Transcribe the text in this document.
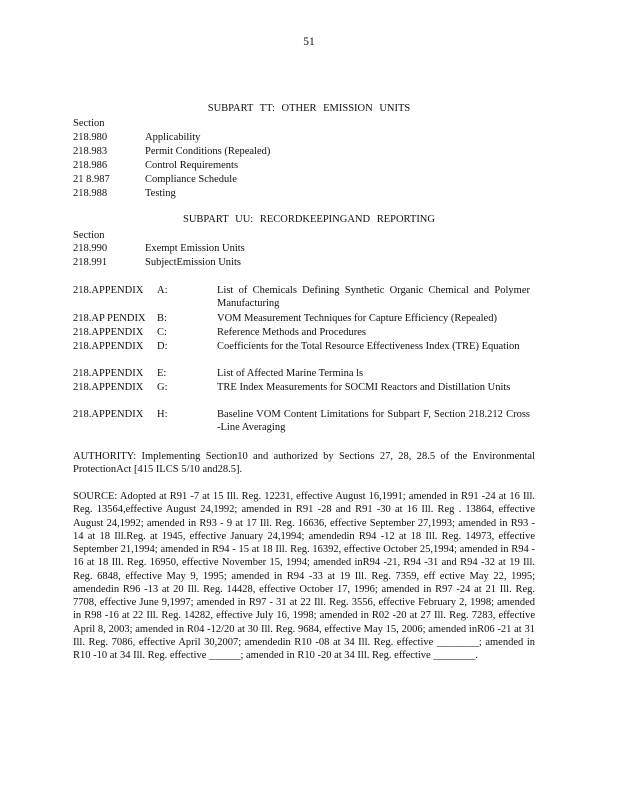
51
SUBPART TT: OTHER EMISSION UNITS
Section
218.980	Applicability
218.983	Permit Conditions (Repealed)
218.986	Control Requirements
21 8.987	Compliance Schedule
218.988	Testing
SUBPART UU: RECORDKEEPINGAND REPORTING
Section
218.990	Exempt Emission Units
218.991	SubjectEmission Units
218.APPENDIX A:	List of Chemicals Defining Synthetic Organic Chemical and Polymer Manufacturing
218.AP PENDIX B:	VOM Measurement Techniques for Capture Efficiency (Repealed)
218.APPENDIX C:	Reference Methods and Procedures
218.APPENDIX D:	Coefficients for the Total Resource Effectiveness Index (TRE) Equation
218.APPENDIX E:	List of Affected Marine Termina ls
218.APPENDIX G:	TRE Index Measurements for SOCMI Reactors and Distillation Units
218.APPENDIX H:	Baseline VOM Content Limitations for Subpart F, Section 218.212 Cross -Line Averaging
AUTHORITY: Implementing Section10 and authorized by Sections 27, 28, 28.5 of the Environmental ProtectionAct [415 ILCS 5/10 and28.5].
SOURCE: Adopted at R91 -7 at 15 Ill. Reg. 12231, effective August 16,1991; amended in R91 -24 at 16 Ill. Reg. 13564,effective August 24,1992; amended in R91 -28 and R91 -30 at 16 Ill. Reg . 13864, effective August 24,1992; amended in R93 - 9 at 17 Ill. Reg. 16636, effective September 27,1993; amended in R93 - 14 at 18 Ill.Reg. at 1945, effective January 24,1994; amendedin R94 -12 at 18 Ill. Reg. 14973, effective September 21,1994; amended in R94 - 15 at 18 Ill. Reg. 16392, effective October 25,1994; amended in R94 - 16 at 18 Ill. Reg. 16950, effective November 15, 1994; amended inR94 -21, R94 -31 and R94 -32 at 19 Ill. Reg. 6848, effective May 9, 1995; amended in R94 -33 at 19 Ill. Reg. 7359, eff ective May 22, 1995; amendedin R96 -13 at 20 Ill. Reg. 14428, effective October 17, 1996; amended in R97 -24 at 21 Ill. Reg. 7708, effective June 9,1997; amended in R97 - 31 at 22 Ill. Reg. 3556, effective February 2, 1998; amended in R98 -16 at 22 Ill. Reg. 14282, effective July 16, 1998; amended in R02 -20 at 27 Ill. Reg. 7283, effective April 8, 2003; amended in R04 -12/20 at 30 Ill. Reg. 9684, effective May 15, 2006; amended inR06 -21 at 31 Ill. Reg. 7086, effective April 30,2007; amendedin R10 -08 at 34 Ill. Reg. effective ________; amended in R10 -10 at 34 Ill. Reg. effective ______; amended in R10 -20 at 34 Ill. Reg. effective ________.
